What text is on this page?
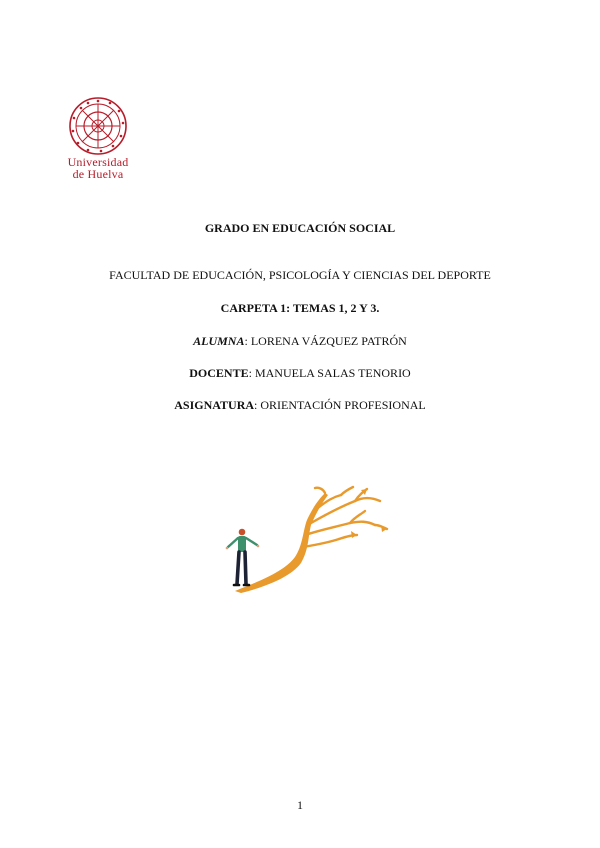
Universidad
de Huelva
GRADO EN EDUCACIÓN SOCIAL
FACULTAD DE EDUCACIÓN, PSICOLOGÍA Y CIENCIAS DEL DEPORTE
CARPETA 1: TEMAS 1, 2 Y 3.
ALUMNA: LORENA VÁZQUEZ PATRÓN
DOCENTE: MANUELA SALAS TENORIO
ASIGNATURA: ORIENTACIÓN PROFESIONAL
1
